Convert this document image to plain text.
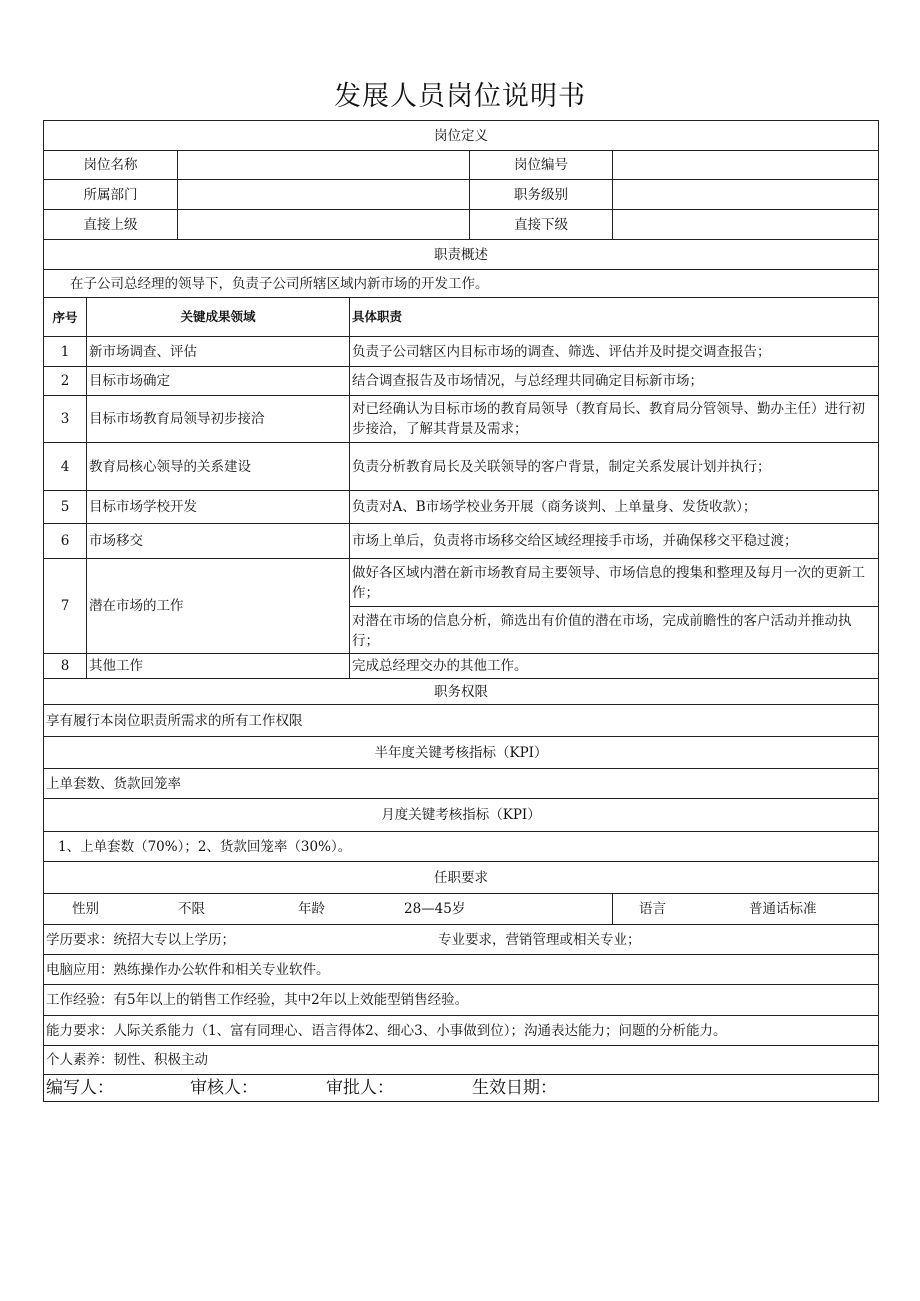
发展人员岗位说明书
岗位定义					
岗位名称				岗位编号	
所属部门				职务级别	
直接上级				直接下级	
职责概述					
在子公司总经理的领导下，负责子公司所辖区域内新市场的开发工作。					
序号	关键成果领域		具体职责		
1	新市场调查、评估		负责子公司辖区内目标市场的调查、筛选、评估并及时提交调查报告；		
2	目标市场确定		结合调查报告及市场情况，与总经理共同确定目标新市场；		
3	目标市场教育局领导初步接洽		对已经确认为目标市场的教育局领导（教育局长、教育局分管领导、勤办主任）进行初步接洽，了解其背景及需求；		
4	教育局核心领导的关系建设		负责分析教育局长及关联领导的客户背景，制定关系发展计划并执行；		
5	目标市场学校开发		负责对A、B市场学校业务开展（商务谈判、上单量身、发货收款）；		
6	市场移交		市场上单后，负责将市场移交给区域经理接手市场，并确保移交平稳过渡；		
7	潜在市场的工作		做好各区域内潜在新市场教育局主要领导、市场信息的搜集和整理及每月一次的更新工作；		
			对潜在市场的信息分析，筛选出有价值的潜在市场，完成前瞻性的客户活动并推动执行；		
8	其他工作		完成总经理交办的其他工作。		
职务权限					
享有履行本岗位职责所需求的所有工作权限					
半年度关键考核指标（KPI）					
上单套数、货款回笼率					
月度关键考核指标（KPI）					
1、上单套数（70%）；2、货款回笼率（30%）。					
任职要求					
性别 不限 年龄 28—45岁					语言 普通话标准
学历要求：统招大专以上学历； 专业要求，营销管理或相关专业；					
电脑应用：熟练操作办公软件和相关专业软件。					
工作经验：有5年以上的销售工作经验，其中2年以上效能型销售经验。					
能力要求：人际关系能力（1、富有同理心、语言得体2、细心3、小事做到位）；沟通表达能力；问题的分析能力。					
个人素养：韧性、积极主动					
编写人： 审核人： 审批人： 生效日期：					
